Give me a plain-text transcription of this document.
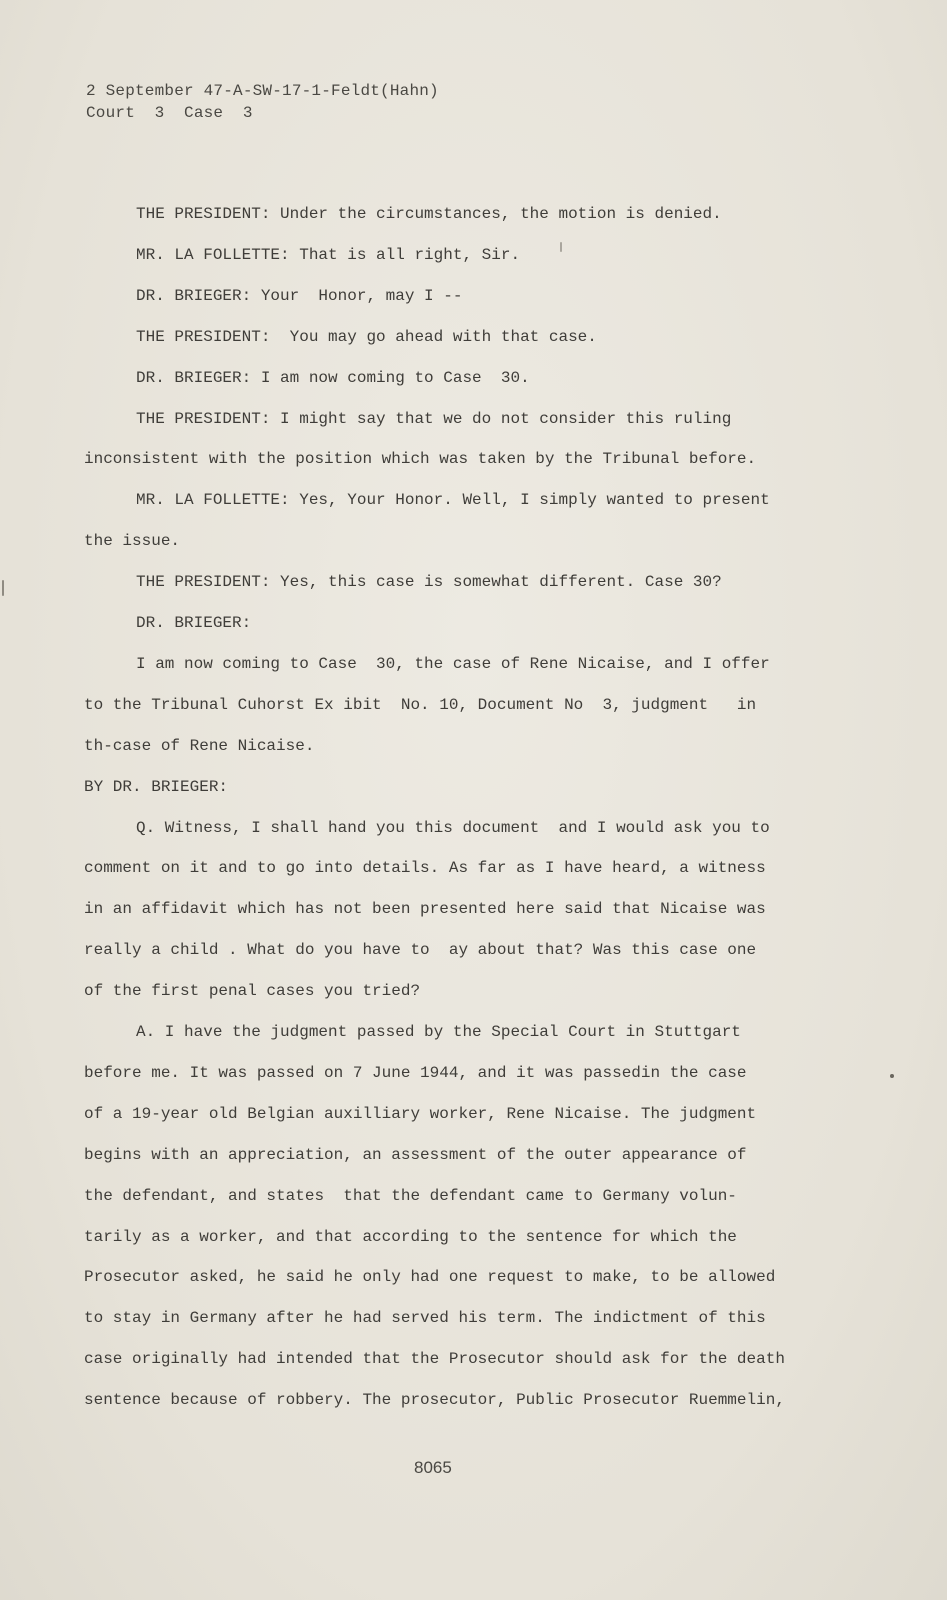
2 September 47-A-SW-17-1-Feldt(Hahn)
Court  3  Case  3
THE PRESIDENT: Under the circumstances, the motion is denied.
MR. LA FOLLETTE: That is all right, Sir.
DR. BRIEGER: Your  Honor, may I --
THE PRESIDENT:  You may go ahead with that case.
DR. BRIEGER: I am now coming to Case  30.
THE PRESIDENT: I might say that we do not consider this ruling
inconsistent with the position which was taken by the Tribunal before.
MR. LA FOLLETTE: Yes, Your Honor. Well, I simply wanted to present
the issue.
THE PRESIDENT: Yes, this case is somewhat different. Case 30?
DR. BRIEGER:
I am now coming to Case  30, the case of Rene Nicaise, and I offer
to the Tribunal Cuhorst Ex ibit  No. 10, Document No  3, judgment   in
th-case of Rene Nicaise.
BY DR. BRIEGER:
Q. Witness, I shall hand you this document  and I would ask you to
comment on it and to go into details. As far as I have heard, a witness
in an affidavit which has not been presented here said that Nicaise was
really a child . What do you have to  ay about that? Was this case one
of the first penal cases you tried?
A. I have the judgment passed by the Special Court in Stuttgart
before me. It was passed on 7 June 1944, and it was passedin the case
of a 19-year old Belgian auxilliary worker, Rene Nicaise. The judgment
begins with an appreciation, an assessment of the outer appearance of
the defendant, and states  that the defendant came to Germany volun-
tarily as a worker, and that according to the sentence for which the
Prosecutor asked, he said he only had one request to make, to be allowed
to stay in Germany after he had served his term. The indictment of this
case originally had intended that the Prosecutor should ask for the death
sentence because of robbery. The prosecutor, Public Prosecutor Ruemmelin,
8065
